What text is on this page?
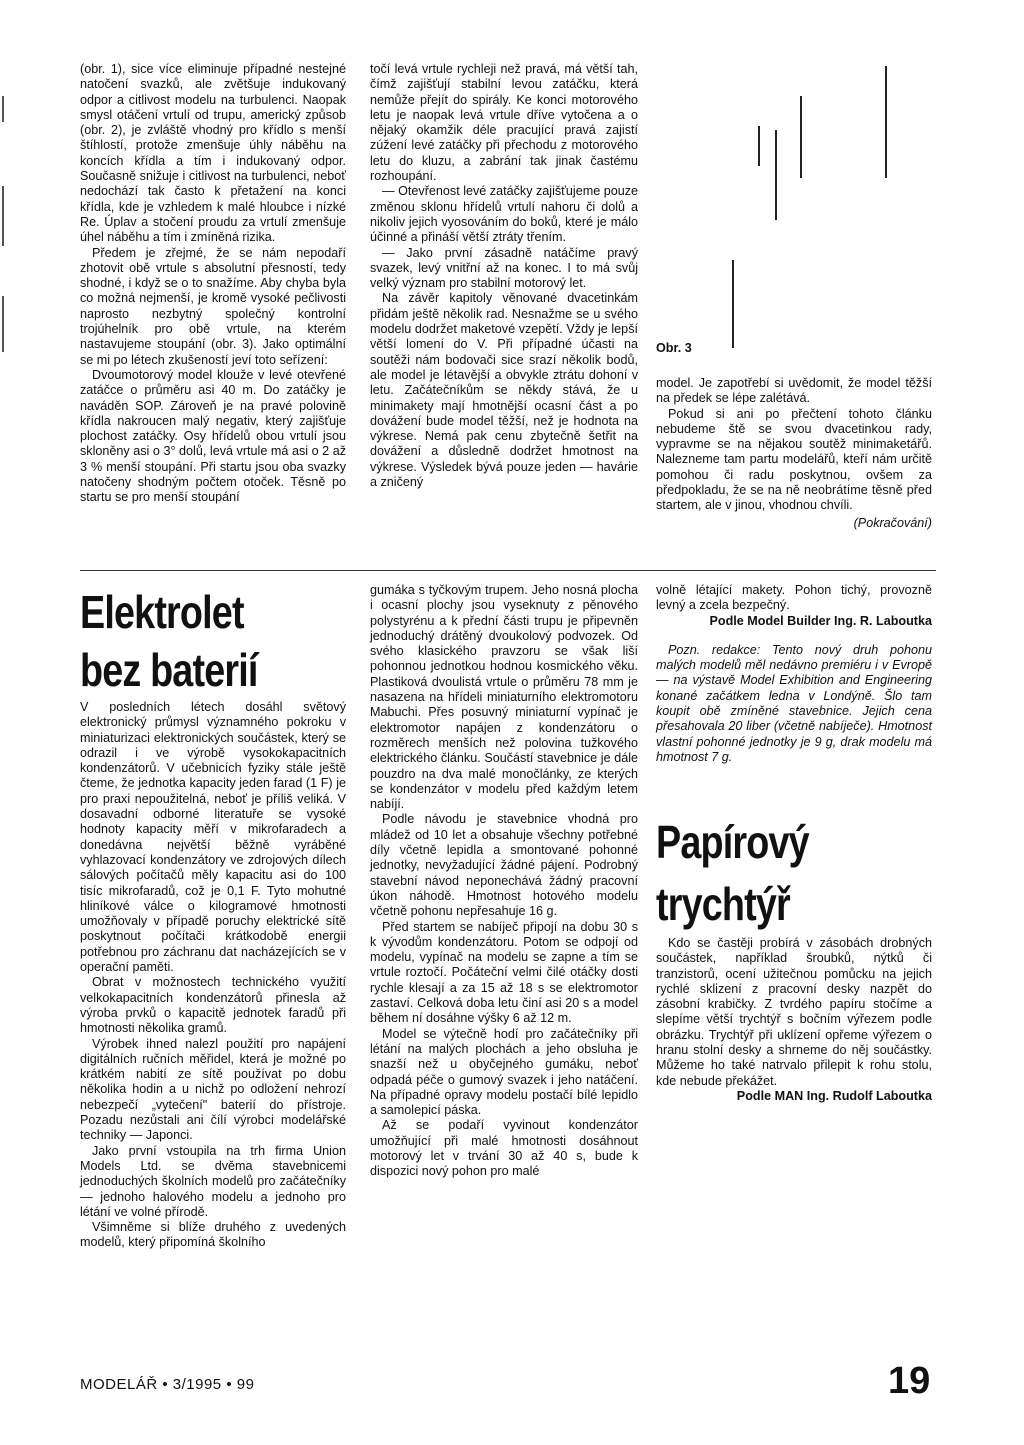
(obr. 1), sice více eliminuje případné nestejné natočení svazků, ale zvětšuje indukovaný odpor a citlivost modelu na turbulenci. Naopak smysl otáčení vrtulí od trupu, americký způsob (obr. 2), je zvláště vhodný pro křídlo s menší štíhlostí, protože zmenšuje úhly náběhu na koncích křídla a tím i indukovaný odpor. Současně snižuje i citlivost na turbulenci, neboť nedochází tak často k přetažení na konci křídla, kde je vzhledem k malé hloubce i nízké Re. Úplav a stočení proudu za vrtulí zmenšuje úhel náběhu a tím i zmíněná rizika.

Předem je zřejmé, že se nám nepodaří zhotovit obě vrtule s absolutní přesností, tedy shodné, i když se o to snažíme. Aby chyba byla co možná nejmenší, je kromě vysoké pečlivosti naprosto nezbytný společný kontrolní trojúhelník pro obě vrtule, na kterém nastavujeme stoupání (obr. 3). Jako optimální se mi po létech zkušeností jeví toto seřízení:

Dvoumotorový model klouže v levé otevřené zatáčce o průměru asi 40 m. Do zatáčky je naváděn SOP. Zároveň je na pravé polovině křídla nakroucen malý negativ, který zajišťuje plochost zatáčky. Osy hřídelů obou vrtulí jsou skloněny asi o 3° dolů, levá vrtule má asi o 2 až 3 % menší stoupání. Při startu jsou oba svazky natočeny shodným počtem otoček. Těsně po startu se pro menší stoupání

točí levá vrtule rychleji než pravá, má větší tah, čímž zajišťují stabilní levou zatáčku, která nemůže přejít do spirály. Ke konci motorového letu je naopak levá vrtule dříve vytočena a o nějaký okamžik déle pracující pravá zajistí zúžení levé zatáčky při přechodu z motorového letu do kluzu, a zabrání tak jinak častému rozhoupání.

— Otevřenost levé zatáčky zajišťujeme pouze změnou sklonu hřídelů vrtulí nahoru či dolů a nikoliv jejich vyosováním do boků, které je málo účinné a přináší větší ztráty třením.

— Jako první zásadně natáčíme pravý svazek, levý vnitřní až na konec. I to má svůj velký význam pro stabilní motorový let.

Na závěr kapitoly věnované dvacetinkám přidám ještě několik rad. Nesnažme se u svého modelu dodržet maketové vzepětí. Vždy je lepší větší lomení do V. Při případné účasti na soutěži nám bodovači sice srazí několik bodů, ale model je létavější a obvykle ztrátu dohoní v letu. Začátečníkům se někdy stává, že u minimakety mají hmotnější ocasní část a po dovážení bude model těžší, než je hodnota na výkrese. Nemá pak cenu zbytečně šetřit na dovážení a důsledně dodržet hmotnost na výkrese. Výsledek bývá pouze jeden — havárie a zničený

Obr. 3

model. Je zapotřebí si uvědomit, že model těžší na předek se lépe zalétává.

Pokud si ani po přečtení tohoto článku nebudeme ště se svou dvacetinkou rady, vypravme se na nějakou soutěž minimaketářů. Nalezneme tam partu modelářů, kteří nám určitě pomohou či radu poskytnou, ovšem za předpokladu, že se na ně neobrátíme těsně před startem, ale v jinou, vhodnou chvíli.

(Pokračování)

Elektrolet
bez baterií

V posledních létech dosáhl světový elektronický průmysl významného pokroku v miniaturizaci elektronických součástek, který se odrazil i ve výrobě vysokokapacitních kondenzátorů. V učebnicích fyziky stále ještě čteme, že jednotka kapacity jeden farad (1 F) je pro praxi nepoužitelná, neboť je příliš veliká. V dosavadní odborné literatuře se vysoké hodnoty kapacity měří v mikrofaradech a donedávna největší běžně vyráběné vyhlazovací kondenzátory ve zdrojových dílech sálových počítačů měly kapacitu asi do 100 tisíc mikrofaradů, což je 0,1 F. Tyto mohutné hliníkové válce o kilogramové hmotnosti umožňovaly v případě poruchy elektrické sítě poskytnout počítači krátkodobě energii potřebnou pro záchranu dat nacházejících se v operační paměti.

Obrat v možnostech technického využití velkokapacitních kondenzátorů přinesla až výroba prvků o kapacitě jednotek faradů při hmotnosti několika gramů.

Výrobek ihned nalezl použití pro napájení digitálních ručních měřidel, která je možné po krátkém nabití ze sítě používat po dobu několika hodin a u nichž po odložení nehrozí nebezpečí „vytečení" baterií do přístroje. Pozadu nezůstali ani čílí výrobci modelářské techniky — Japonci.

Jako první vstoupila na trh firma Union Models Ltd. se dvěma stavebnicemi jednoduchých školních modelů pro začátečníky — jednoho halového modelu a jednoho pro létání ve volné přírodě.

Všimněme si blíže druhého z uvedených modelů, který připomíná školního

gumáka s tyčkovým trupem. Jeho nosná plocha i ocasní plochy jsou vyseknuty z pěnového polystyrénu a k přední části trupu je připevněn jednoduchý drátěný dvoukolový podvozek. Od svého klasického pravzoru se však liší pohonnou jednotkou hodnou kosmického věku. Plastiková dvoulistá vrtule o průměru 78 mm je nasazena na hřídeli miniaturního elektromotoru Mabuchi. Přes posuvný miniaturní vypínač je elektromotor napájen z kondenzátoru o rozměrech menších než polovina tužkového elektrického článku. Součástí stavebnice je dále pouzdro na dva malé monočlánky, ze kterých se kondenzátor v modelu před každým letem nabíjí.

Podle návodu je stavebnice vhodná pro mládež od 10 let a obsahuje všechny potřebné díly včetně lepidla a smontované pohonné jednotky, nevyžadující žádné pájení. Podrobný stavební návod neponechává žádný pracovní úkon náhodě. Hmotnost hotového modelu včetně pohonu nepřesahuje 16 g.

Před startem se nabíječ připojí na dobu 30 s k vývodům kondenzátoru. Potom se odpojí od modelu, vypínač na modelu se zapne a tím se vrtule roztočí. Počáteční velmi čilé otáčky dosti rychle klesají a za 15 až 18 s se elektromotor zastaví. Celková doba letu činí asi 20 s a model během ní dosáhne výšky 6 až 12 m.

Model se výtečně hodí pro začátečníky při létání na malých plochách a jeho obsluha je snazší než u obyčejného gumáku, neboť odpadá péče o gumový svazek i jeho natáčení. Na případné opravy modelu postačí bílé lepidlo a samolepicí páska.

Až se podaří vyvinout kondenzátor umožňující při malé hmotnosti dosáhnout motorový let v trvání 30 až 40 s, bude k dispozici nový pohon pro malé

volně létající makety. Pohon tichý, provozně levný a zcela bezpečný.

Podle Model Builder Ing. R. Laboutka

Pozn. redakce: Tento nový druh pohonu malých modelů měl nedávno premiéru i v Evropě — na výstavě Model Exhibition and Engineering konané začátkem ledna v Londýně. Šlo tam koupit obě zmíněné stavebnice. Jejich cena přesahovala 20 liber (včetně nabíječe). Hmotnost vlastní pohonné jednotky je 9 g, drak modelu má hmotnost 7 g.

Papírový
trychtýř

Kdo se častěji probírá v zásobách drobných součástek, například šroubků, nýtků či tranzistorů, ocení užitečnou pomůcku na jejich rychlé sklizení z pracovní desky nazpět do zásobní krabičky. Z tvrdého papíru stočíme a slepíme větší trychtýř s bočním výřezem podle obrázku. Trychtýř při uklízení opřeme výřezem o hranu stolní desky a shrneme do něj součástky. Můžeme ho také natrvalo přilepit k rohu stolu, kde nebude překážet.

Podle MAN Ing. Rudolf Laboutka

MODELÁŘ • 3/1995 • 99	19
